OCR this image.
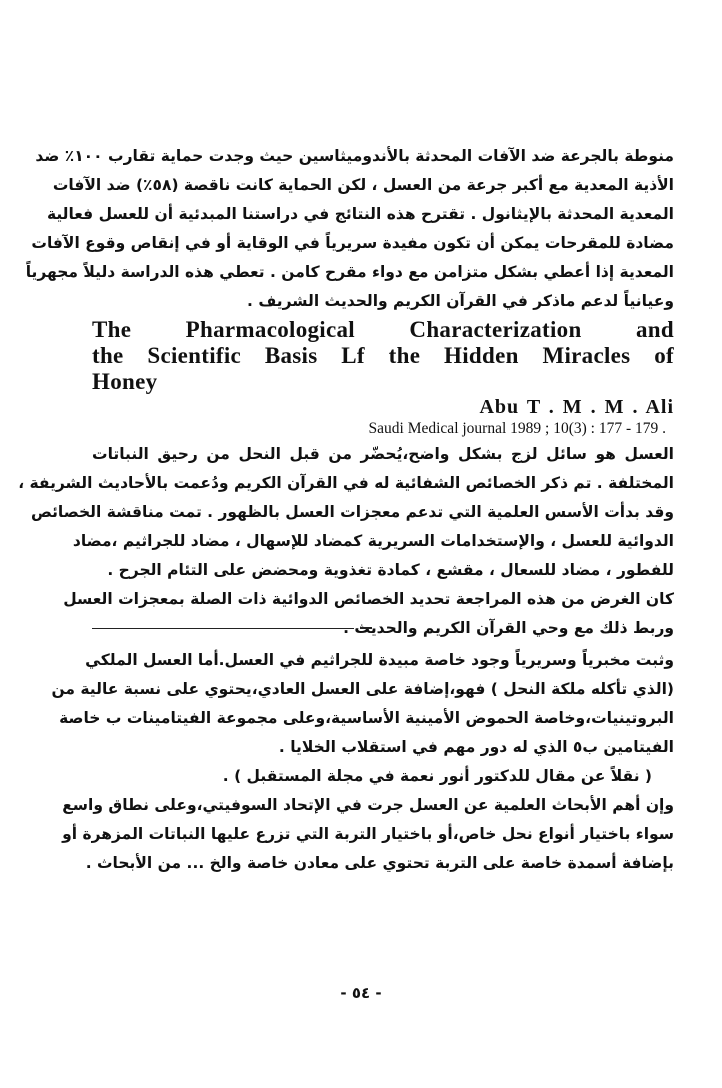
منوطة بالجرعة ضد الآفات المحدثة بالأندوميثاسين حيث وجدت حماية تقارب ١٠٠٪ ضد
الأذية المعدية مع أكبر جرعة من العسل ، لكن الحماية كانت ناقصة (٥٨٪) ضد الآفات
المعدية المحدثة بالإيثانول . تقترح هذه النتائج في دراستنا المبدئية أن للعسل فعالية
مضادة للمقرحات يمكن أن تكون مفيدة سريرياً في الوقاية أو في إنقاص وقوع الآفات
المعدية إذا أعطي بشكل متزامن مع دواء مقرح كامن . تعطي هذه الدراسة دليلاً مجهرياً
وعيانياً لدعم ماذكر في القرآن الكريم والحديث الشريف .
The Pharmacological Characterization and
the Scientific Basis Lf the Hidden Miracles of
Honey
Abu T . M . M . Ali
Saudi Medical journal 1989 ; 10(3) : 177 - 179 .
العسل هو سائل لزج بشكل واضح،يُحضّر من قبل النحل من رحيق النباتات
المختلفة . تم ذكر الخصائص الشفائية له في القرآن الكريم ودُعمت بالأحاديث الشريفة ،
وقد بدأت الأسس العلمية التي تدعم معجزات العسل بالظهور . تمت مناقشة الخصائص
الدوائية للعسل ، والإستخدامات السريرية كمضاد للإسهال ، مضاد للجراثيم ،مضاد
للفطور ، مضاد للسعال ، مقشع ، كمادة تغذوية ومحضض على التئام الجرح .
كان الغرض من هذه المراجعة تحديد الخصائص الدوائية ذات الصلة بمعجزات العسل
وربط ذلك مع وحي القرآن الكريم والحديث .
وثبت مخبرياً وسريرياً وجود خاصة مبيدة للجراثيم في العسل.أما العسل الملكي
(الذي تأكله ملكة النحل ) فهو،إضافة على العسل العادي،يحتوي على نسبة عالية من
البروتينيات،وخاصة الحموض الأمينية الأساسية،وعلى مجموعة الفيتامينات ب خاصة
الفيتامين ب٥ الذي له دور مهم في استقلاب الخلايا .
( نقلاً عن مقال للدكتور أنور نعمة في مجلة المستقبل ) .
وإن أهم الأبحاث العلمية عن العسل جرت في الإتحاد السوفيتي،وعلى نطاق واسع
سواء باختيار أنواع نحل خاص،أو باختيار التربة التي تزرع عليها النباتات المزهرة أو
بإضافة أسمدة خاصة على التربة تحتوي على معادن خاصة والخ ... من الأبحاث .
- ٥٤ -
